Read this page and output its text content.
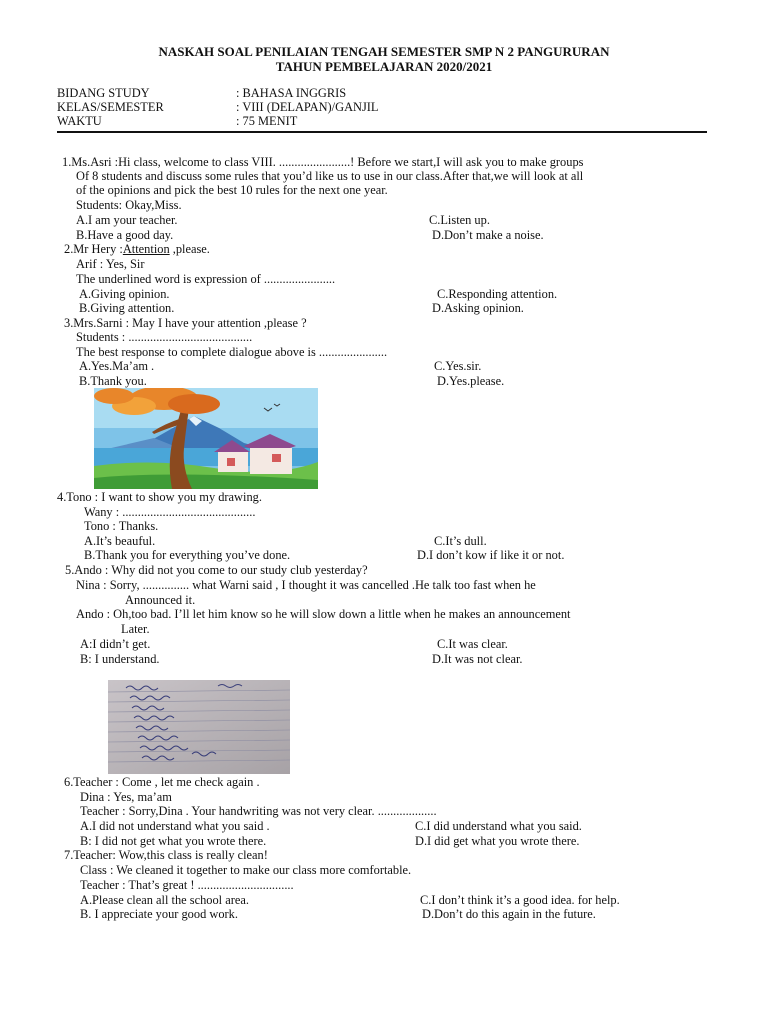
NASKAH SOAL PENILAIAN TENGAH SEMESTER SMP N 2 PANGURURAN
TAHUN PEMBELAJARAN 2020/2021
BIDANG STUDY	: BAHASA INGGRIS
KELAS/SEMESTER	: VIII (DELAPAN)/GANJIL
WAKTU	: 75 MENIT
1.Ms.Asri :Hi class, welcome to class VIII. .......................! Before we start,I will ask you to make groups
Of 8 students and discuss some rules that you’d like us to use in our class.After that,we will look at all
of the opinions and pick the best 10 rules for the next one year.
Students: Okay,Miss.
A.I am your teacher.	C.Listen up.
B.Have a good day.	D.Don’t make a noise.
2.Mr Hery :Attention ,please.
Arif : Yes, Sir
The underlined word is expression of .......................
A.Giving opinion.	C.Responding attention.
B.Giving attention.	D.Asking opinion.
3.Mrs.Sarni : May I have your attention ,please ?
Students : ........................................
The best response to complete dialogue above is ......................
A.Yes.Ma’am .	C.Yes.sir.
B.Thank you.	D.Yes.please.
4.Tono : I want to show you my drawing.
Wany : ...........................................
Tono : Thanks.
A.It’s beauful.	C.It’s dull.
B.Thank you for everything you’ve done.	D.I don’t kow if like it or not.
5.Ando : Why did not you come to our study club yesterday?
Nina : Sorry, ............... what Warni said , I thought it was cancelled .He talk too fast when he
Announced it.
Ando : Oh,too bad. I’ll let him know so he will slow down a little when he makes an announcement
Later.
A:I didn’t get.	C.It was clear.
B: I understand.	D.It was not clear.
6.Teacher : Come , let me check again .
Dina : Yes, ma’am
Teacher : Sorry,Dina . Your handwriting was not very clear. ...................
A.I did not understand what you said .	C.I did understand what you said.
B: I did not get what you wrote there.	D.I did get what you wrote there.
7.Teacher: Wow,this class is really clean!
Class : We cleaned it together to make our class more comfortable.
Teacher : That’s great ! ...............................
A.Please clean all the school area.	C.I don’t think it’s a good idea. for help.
B. I appreciate your good work.	D.Don’t do this again in the future.
